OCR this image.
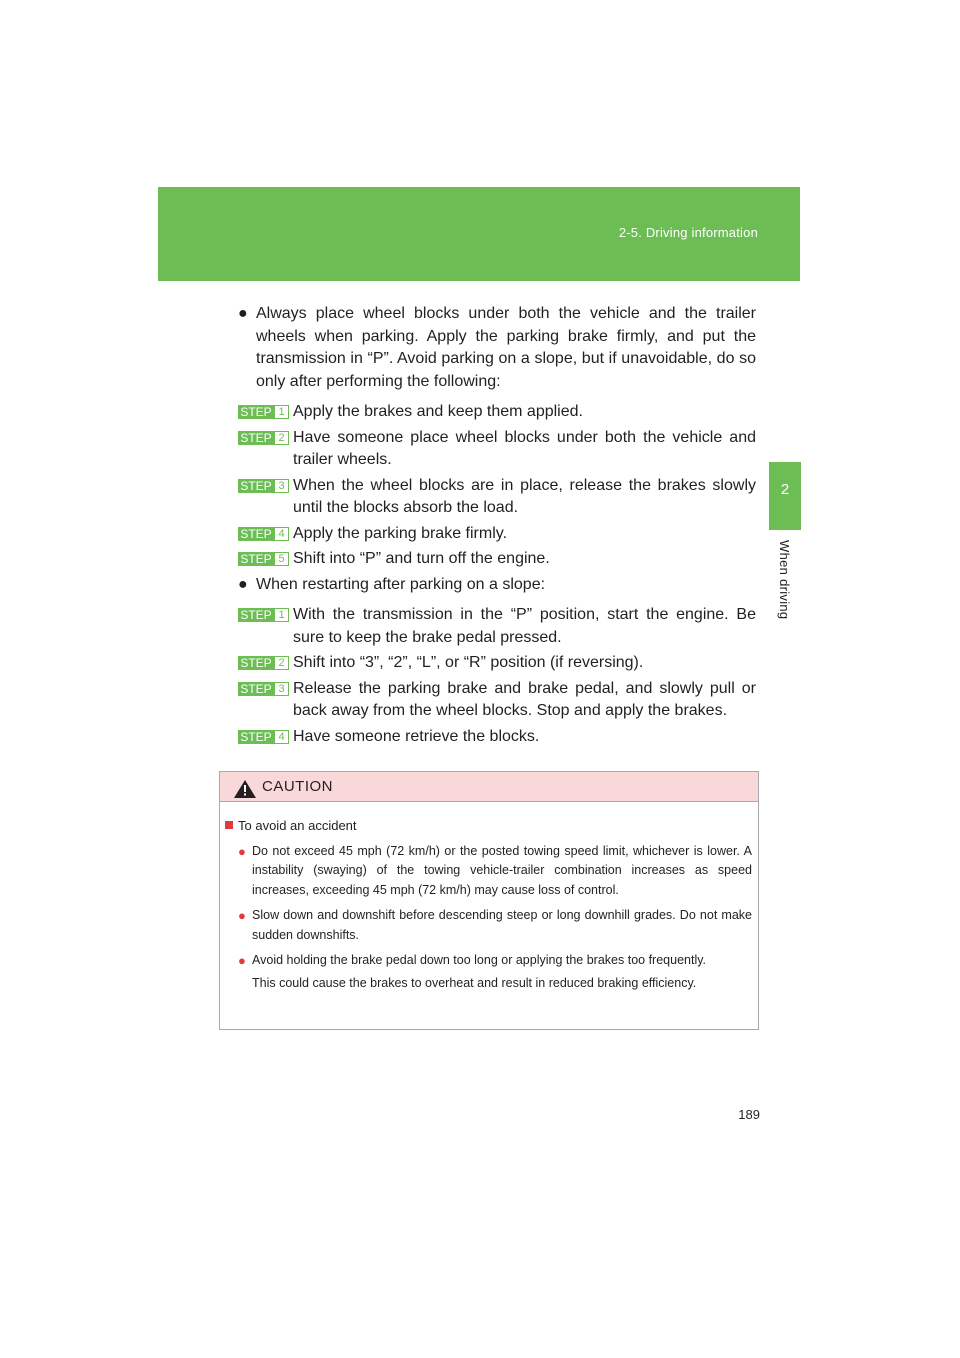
2-5. Driving information
2
When driving
● Always place wheel blocks under both the vehicle and the trailer wheels when parking. Apply the parking brake firmly, and put the transmission in “P”. Avoid parking on a slope, but if unavoidable, do so only after performing the following:
STEP 1 Apply the brakes and keep them applied.
STEP 2 Have someone place wheel blocks under both the vehicle and trailer wheels.
STEP 3 When the wheel blocks are in place, release the brakes slowly until the blocks absorb the load.
STEP 4 Apply the parking brake firmly.
STEP 5 Shift into “P” and turn off the engine.
● When restarting after parking on a slope:
STEP 1 With the transmission in the “P” position, start the engine. Be sure to keep the brake pedal pressed.
STEP 2 Shift into “3”, “2”, “L”, or “R” position (if reversing).
STEP 3 Release the parking brake and brake pedal, and slowly pull or back away from the wheel blocks. Stop and apply the brakes.
STEP 4 Have someone retrieve the blocks.
CAUTION
To avoid an accident
● Do not exceed 45 mph (72 km/h) or the posted towing speed limit, whichever is lower. A instability (swaying) of the towing vehicle-trailer combination increases as speed increases, exceeding 45 mph (72 km/h) may cause loss of control.
● Slow down and downshift before descending steep or long downhill grades. Do not make sudden downshifts.
● Avoid holding the brake pedal down too long or applying the brakes too frequently.
This could cause the brakes to overheat and result in reduced braking efficiency.
189
